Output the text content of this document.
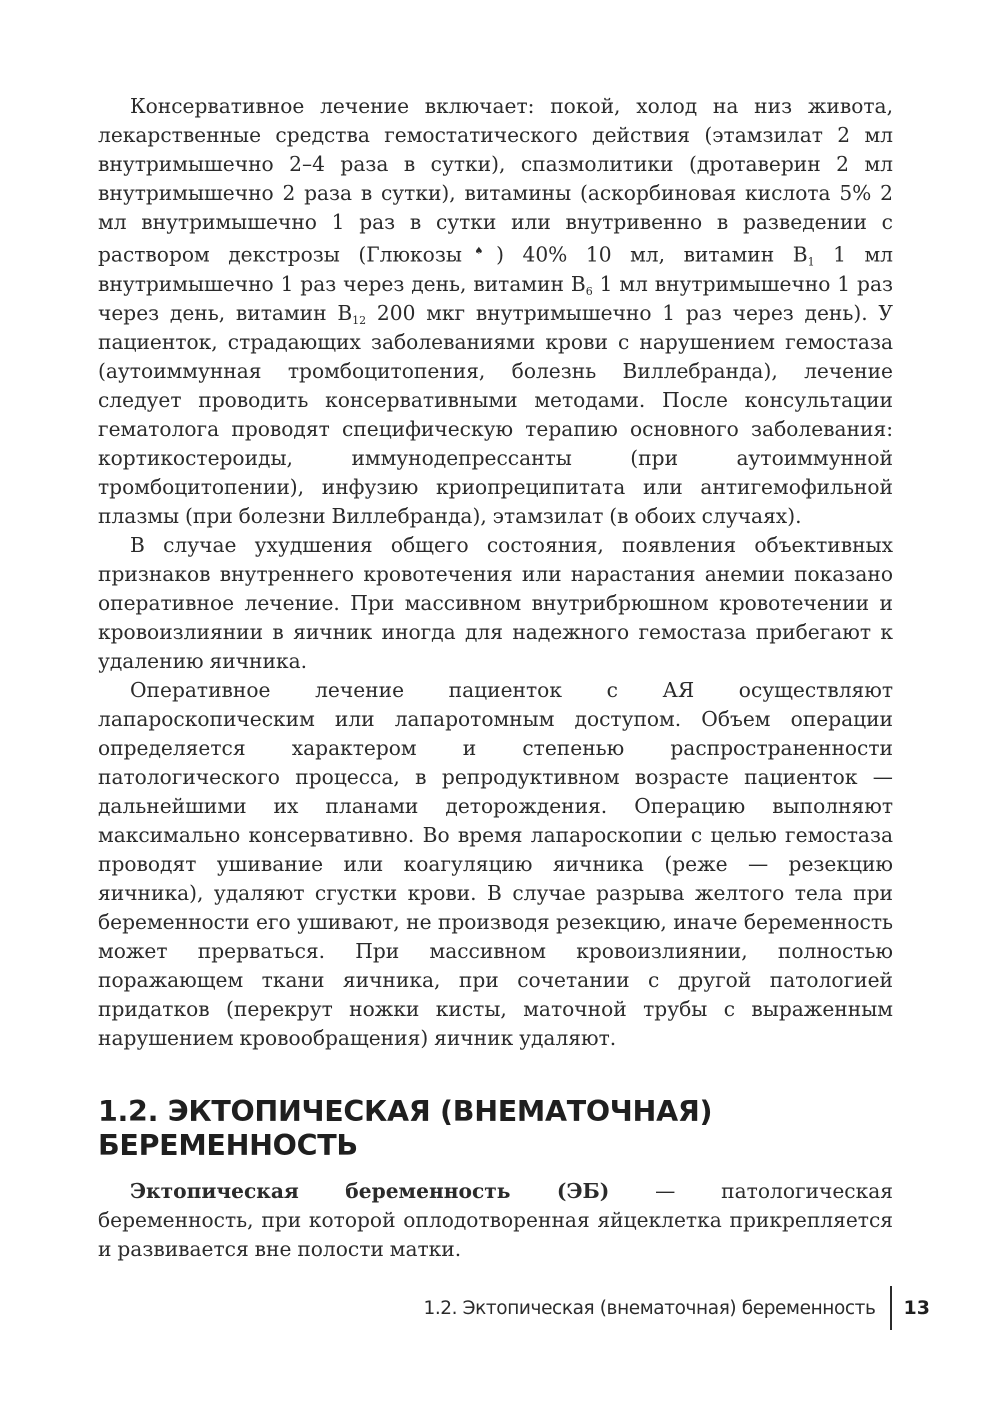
Консервативное лечение включает: покой, холод на низ живота, лекарственные средства гемостатического действия (этамзилат 2 мл внутримышечно 2–4 раза в сутки), спазмолитики (дротаверин 2 мл внутримышечно 2 раза в сутки), витамины (аскорбиновая кислота 5% 2 мл внутримышечно 1 раз в сутки или внутривенно в разведении с раствором декстрозы (Глюкозы♠) 40% 10 мл, витамин $B_1$ 1 мл внутримышечно 1 раз через день, витамин $B_6$ 1 мл внутримышечно 1 раз через день, витамин $B_{12}$ 200 мкг внутримышечно 1 раз через день). У пациенток, страдающих заболеваниями крови с нарушением гемостаза (аутоиммунная тромбоцитопения, болезнь Виллебранда), лечение следует проводить консервативными методами. После консультации гематолога проводят специфическую терапию основного заболевания: кортикостероиды, иммунодепрессанты (при аутоиммунной тромбоцитопении), инфузию криопреципитата или антигемофильной плазмы (при болезни Виллебранда), этамзилат (в обоих случаях).

В случае ухудшения общего состояния, появления объективных признаков внутреннего кровотечения или нарастания анемии показано оперативное лечение. При массивном внутрибрюшном кровотечении и кровоизлиянии в яичник иногда для надежного гемостаза прибегают к удалению яичника.

Оперативное лечение пациенток с АЯ осуществляют лапароскопическим или лапаротомным доступом. Объем операции определяется характером и степенью распространенности патологического процесса, в репродуктивном возрасте пациенток — дальнейшими их планами деторождения. Операцию выполняют максимально консервативно. Во время лапароскопии с целью гемостаза проводят ушивание или коагуляцию яичника (реже — резекцию яичника), удаляют сгустки крови. В случае разрыва желтого тела при беременности его ушивают, не производя резекцию, иначе беременность может прерваться. При массивном кровоизлиянии, полностью поражающем ткани яичника, при сочетании с другой патологией придатков (перекрут ножки кисты, маточной трубы с выраженным нарушением кровообращения) яичник удаляют.

1.2. ЭКТОПИЧЕСКАЯ (ВНЕМАТОЧНАЯ) БЕРЕМЕННОСТЬ

Эктопическая беременность (ЭБ) — патологическая беременность, при которой оплодотворенная яйцеклетка прикрепляется и развивается вне полости матки.

1.2. Эктопическая (внематочная) беременность	13
